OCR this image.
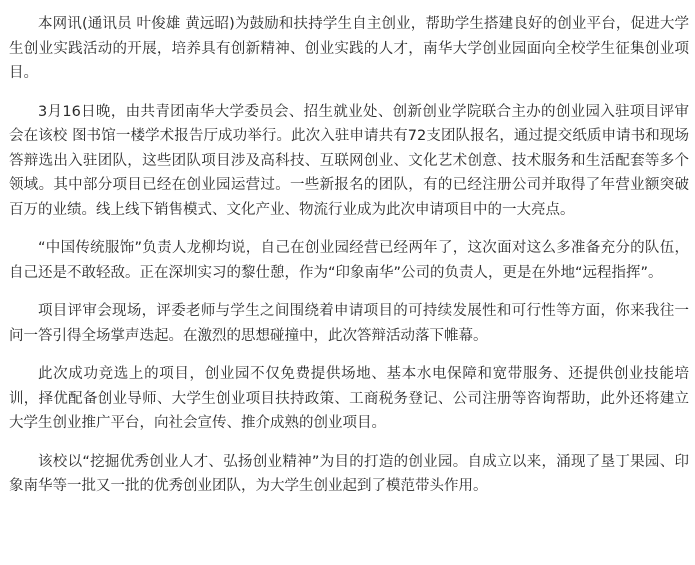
本网讯(通讯员 叶俊雄 黄远昭)为鼓励和扶持学生自主创业，帮助学生搭建良好的创业平台，促进大学生创业实践活动的开展，培养具有创新精神、创业实践的人才，南华大学创业园面向全校学生征集创业项目。

3月16日晚，由共青团南华大学委员会、招生就业处、创新创业学院联合主办的创业园入驻项目评审会在该校 图书馆一楼学术报告厅成功举行。此次入驻申请共有72支团队报名，通过提交纸质申请书和现场答辩选出入驻团队，这些团队项目涉及高科技、互联网创业、文化艺术创意、技术服务和生活配套等多个领域。其中部分项目已经在创业园运营过。一些新报名的团队，有的已经注册公司并取得了年营业额突破百万的业绩。线上线下销售模式、文化产业、物流行业成为此次申请项目中的一大亮点。

“中国传统服饰”负责人龙柳均说，自己在创业园经营已经两年了，这次面对这么多准备充分的队伍，自己还是不敢轻敌。正在深圳实习的黎仕憩，作为“印象南华”公司的负责人，更是在外地“远程指挥”。

项目评审会现场，评委老师与学生之间围绕着申请项目的可持续发展性和可行性等方面，你来我往一问一答引得全场掌声迭起。在激烈的思想碰撞中，此次答辩活动落下帷幕。

此次成功竞选上的项目，创业园不仅免费提供场地、基本水电保障和宽带服务、还提供创业技能培训，择优配备创业导师、大学生创业项目扶持政策、工商税务登记、公司注册等咨询帮助，此外还将建立大学生创业推广平台，向社会宣传、推介成熟的创业项目。

该校以“挖掘优秀创业人才、弘扬创业精神”为目的打造的创业园。自成立以来，涌现了垦丁果园、印象南华等一批又一批的优秀创业团队，为大学生创业起到了模范带头作用。
